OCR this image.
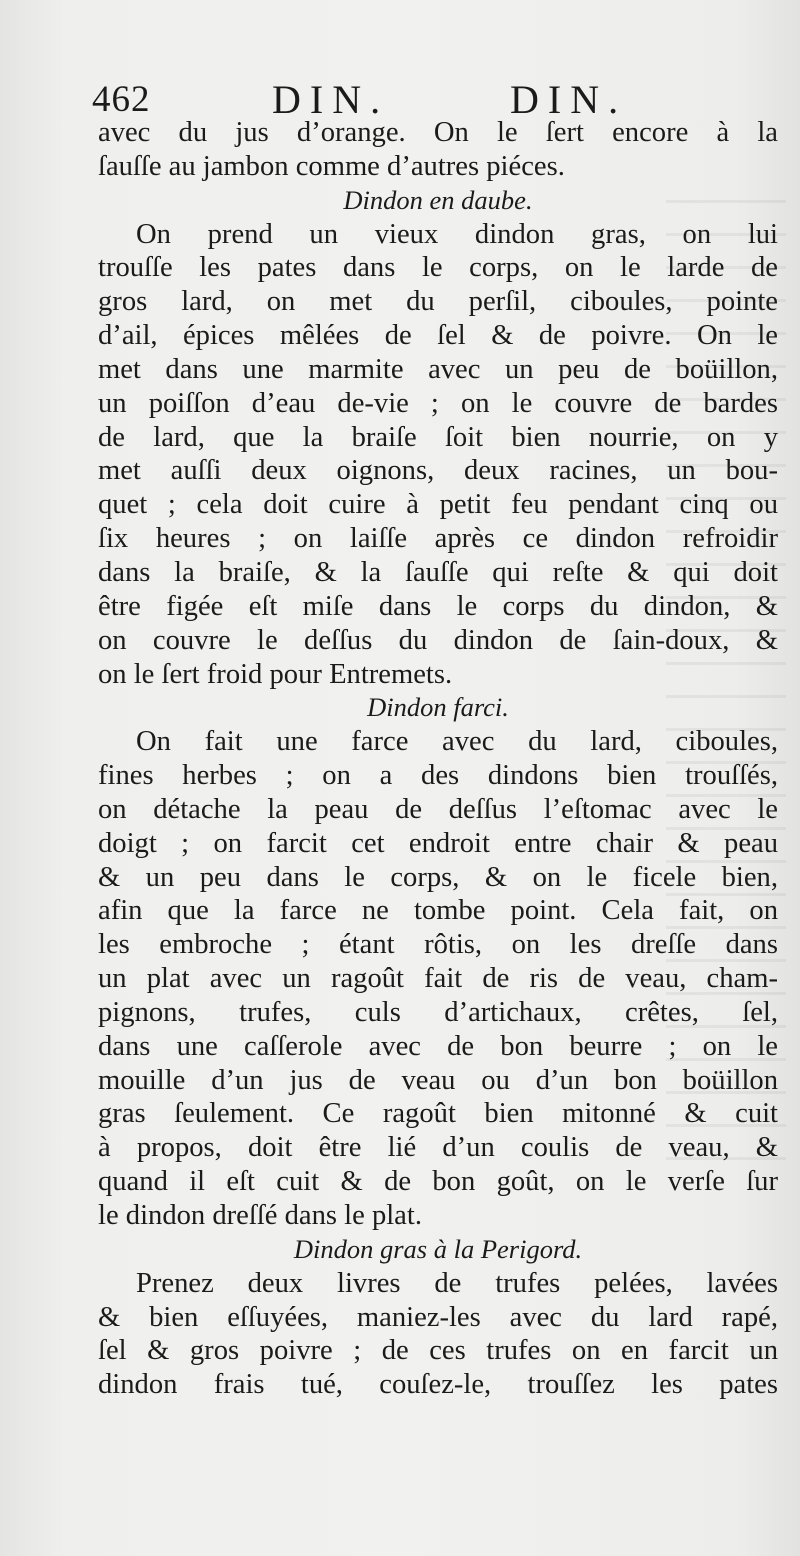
462	DIN.	DIN.
avec du jus d’orange. On le ſert encore à la
ſauſſe au jambon comme d’autres piéces.
Dindon en daube.
On prend un vieux dindon gras, on lui
trouſſe les pates dans le corps, on le larde de
gros lard, on met du perſil, ciboules, pointe
d’ail, épices mêlées de ſel & de poivre. On le
met dans une marmite avec un peu de boüillon,
un poiſſon d’eau de-vie ; on le couvre de bardes
de lard, que la braiſe ſoit bien nourrie, on y
met auſſi deux oignons, deux racines, un bou-
quet ; cela doit cuire à petit feu pendant cinq ou
ſix heures ; on laiſſe après ce dindon refroidir
dans la braiſe, & la ſauſſe qui reſte & qui doit
être figée eſt miſe dans le corps du dindon, &
on couvre le deſſus du dindon de ſain-doux, &
on le ſert froid pour Entremets.
Dindon farci.
On fait une farce avec du lard, ciboules,
fines herbes ; on a des dindons bien trouſſés,
on détache la peau de deſſus l’eſtomac avec le
doigt ; on farcit cet endroit entre chair & peau
& un peu dans le corps, & on le ficele bien,
afin que la farce ne tombe point. Cela fait, on
les embroche ; étant rôtis, on les dreſſe dans
un plat avec un ragoût fait de ris de veau, cham-
pignons, trufes, culs d’artichaux, crêtes, ſel,
dans une caſſerole avec de bon beurre ; on le
mouille d’un jus de veau ou d’un bon boüillon
gras ſeulement. Ce ragoût bien mitonné & cuit
à propos, doit être lié d’un coulis de veau, &
quand il eſt cuit & de bon goût, on le verſe ſur
le dindon dreſſé dans le plat.
Dindon gras à la Perigord.
Prenez deux livres de trufes pelées, lavées
& bien eſſuyées, maniez-les avec du lard rapé,
ſel & gros poivre ; de ces trufes on en farcit un
dindon frais tué, couſez-le, trouſſez les pates
